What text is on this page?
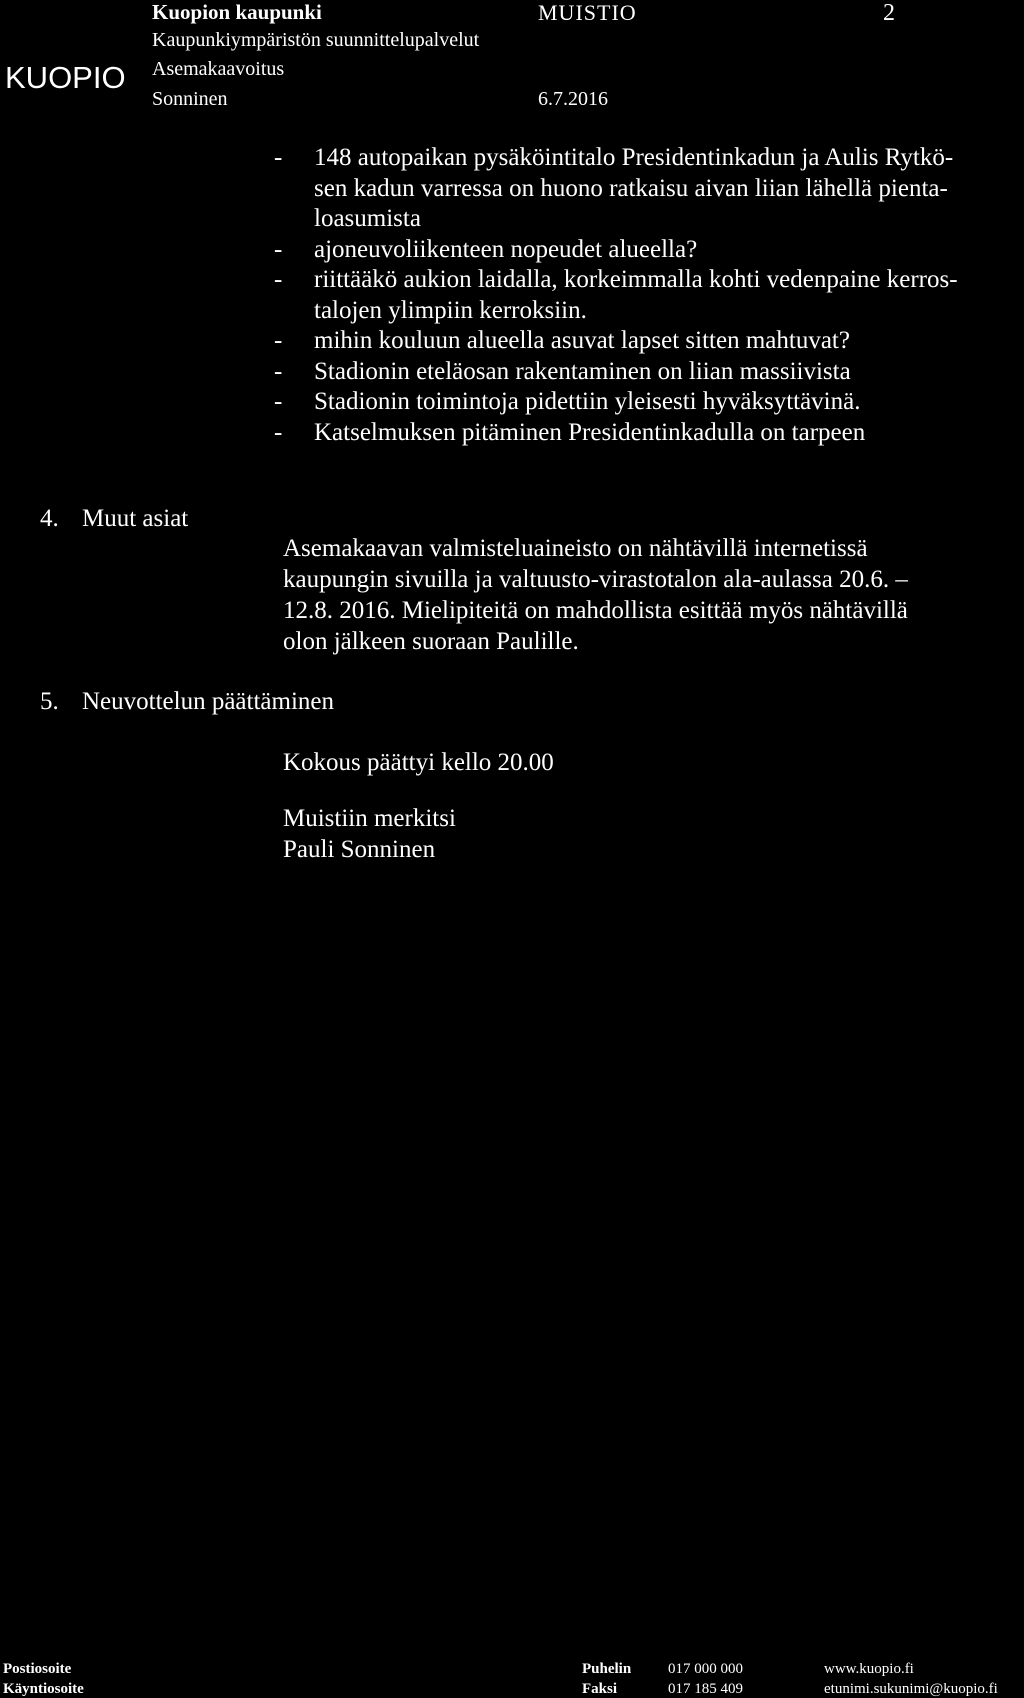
KUOPIO
Kuopion kaupunki
Kaupunkiympäristön suunnittelupalvelut
Asemakaavoitus
Sonninen
MUISTIO	2
6.7.2016
- 148 autopaikan pysäköintitalo Presidentinkadun ja Aulis Rytkö-
sen kadun varressa on huono ratkaisu aivan liian lähellä pienta-
loasumista
- ajoneuvoliikenteen nopeudet alueella?
- riittääkö aukion laidalla, korkeimmalla kohti vedenpaine kerros-
talojen ylimpiin kerroksiin.
- mihin kouluun alueella asuvat lapset sitten mahtuvat?
- Stadionin eteläosan rakentaminen on liian massiivista
- Stadionin toimintoja pidettiin yleisesti hyväksyttävinä.
- Katselmuksen pitäminen Presidentinkadulla on tarpeen
4. Muut asiat
Asemakaavan valmisteluaineisto on nähtävillä internetissä
kaupungin sivuilla ja valtuusto-virastotalon ala-aulassa 20.6. –
12.8. 2016. Mielipiteitä on mahdollista esittää myös nähtävillä
olon jälkeen suoraan Paulille.
5. Neuvottelun päättäminen
Kokous päättyi kello 20.00
Muistiin merkitsi
Pauli Sonninen
Postiosoite
Käyntiosoite
Puhelin
Faksi
017 000 000
017 185 409
www.kuopio.fi
etunimi.sukunimi@kuopio.fi
